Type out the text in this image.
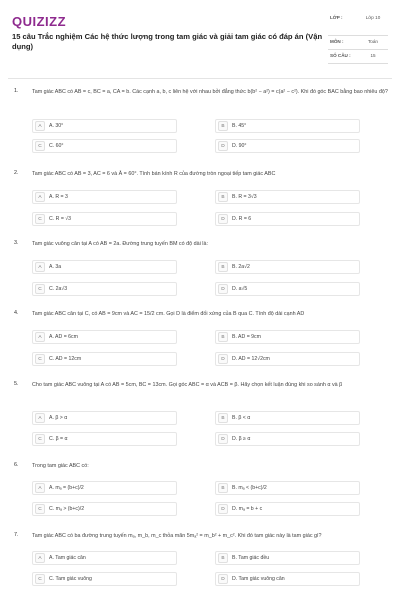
QUIZIZZ
15 câu Trắc nghiệm Các hệ thức lượng trong tam giác và giải tam giác có đáp án (Vận dụng)
LỚP :	Lớp 10
MÔN :	Toán
SỐ CÂU :	15
1.	Tam giác ABC có AB = c, BC = a, CA = b. Các cạnh a, b, c liên hệ với nhau bởi đẳng thức b(b² − a²) = c(a² − c²). Khi đó góc BAC bằng bao nhiêu độ?
A	A. 30°	B	B. 45°
C	C. 60°	D	D. 90°
2.	Tam giác ABC có AB = 3, AC = 6 và Â = 60°. Tính bán kính R của đường tròn ngoại tiếp tam giác ABC
A	A. R = 3	B	B. R = 3√3
C	C. R = √3	D	D. R = 6
3.	Tam giác vuông cân tại A có AB = 2a. Đường trung tuyến BM có độ dài là:
A	A. 3a	B	B. 2a√2
C	C. 2a√3	D	D. a√5
4.	Tam giác ABC cân tại C, có AB = 9cm và AC = 15/2 cm. Gọi D là điểm đối xứng của B qua C. Tính độ dài cạnh AD
A	A. AD = 6cm	B	B. AD = 9cm
C	C. AD = 12cm	D	D. AD = 12√2cm
5.	Cho tam giác ABC vuông tại A có AB = 5cm, BC = 13cm. Gọi góc ABC = α và ACB = β. Hãy chọn kết luận đúng khi so sánh α và β
A	A. β > α	B	B. β < α
C	C. β = α	D	D. β ≥ α
6.	Trong tam giác ABC có:
A	A. mₐ = (b+c)/2	B	B. mₐ < (b+c)/2
C	C. mₐ > (b+c)/2	D	D. mₐ = b + c
7.	Tam giác ABC có ba đường trung tuyến mₐ, m_b, m_c thỏa mãn 5mₐ² = m_b² + m_c². Khi đó tam giác này là tam giác gì?
A	A. Tam giác cân	B	B. Tam giác đều
C	C. Tam giác vuông	D	D. Tam giác vuông cân
